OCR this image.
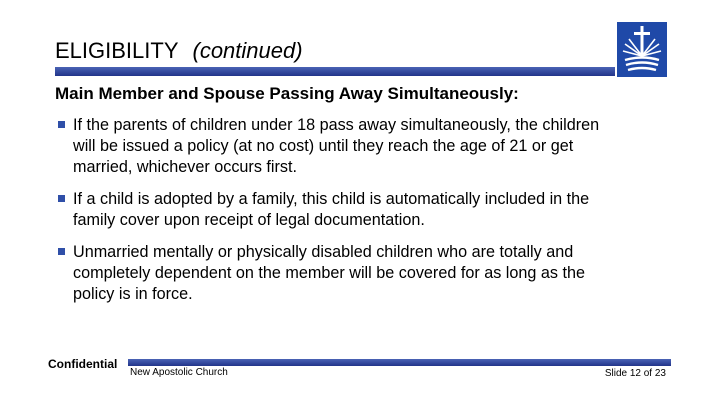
ELIGIBILITY (continued)
Main Member and Spouse Passing Away Simultaneously:
If the parents of children under 18 pass away simultaneously, the children will be issued a policy (at no cost) until they reach the age of 21 or get married, whichever occurs first.
If a child is adopted by a family, this child is automatically included in the family cover upon receipt of legal documentation.
Unmarried mentally or physically disabled children who are totally and completely dependent on the member will be covered for as long as the policy is in force.
Confidential
New Apostolic Church	Slide 12 of 23
